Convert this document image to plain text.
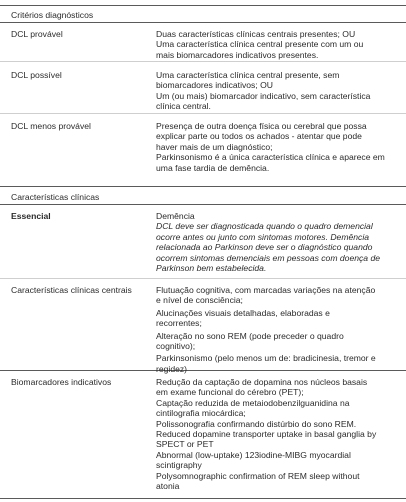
Critérios diagnósticos
DCL provável	Duas características clínicas centrais presentes; OU
Uma característica clínica central presente com um ou
mais biomarcadores indicativos presentes.
DCL possível	Uma característica clínica central presente, sem
biomarcadores indicativos; OU
Um (ou mais) biomarcador indicativo, sem característica
clínica central.
DCL menos provável	Presença de outra doença física ou cerebral que possa
explicar parte ou todos os achados - atentar que pode
haver mais de um diagnóstico;
Parkinsonismo é a única característica clínica e aparece em
uma fase tardia de demência.
Características clínicas
Essencial	Demência
DCL deve ser diagnosticada quando o quadro demencial
ocorre antes ou junto com sintomas motores. Demência
relacionada ao Parkinson deve ser o diagnóstico quando
ocorrem sintomas demenciais em pessoas com doença de
Parkinson bem estabelecida.
Características clínicas centrais	Flutuação cognitiva, com marcadas variações na atenção
e nível de consciência;
Alucinações visuais detalhadas, elaboradas e
recorrentes;
Alteração no sono REM (pode preceder o quadro
cognitivo);
Parkinsonismo (pelo menos um de: bradicinesia, tremor e
regidez)
Biomarcadores indicativos	Redução da captação de dopamina nos núcleos basais
em exame funcional do cérebro (PET);
Captação reduzida de metaiodobenzilguanidina na
cintilografia miocárdica;
Polissonografia confirmando distúrbio do sono REM.
Reduced dopamine transporter uptake in basal ganglia by
SPECT or PET
Abnormal (low-uptake) 123iodine-MIBG myocardial
scintigraphy
Polysomnographic confirmation of REM sleep without
atonia
